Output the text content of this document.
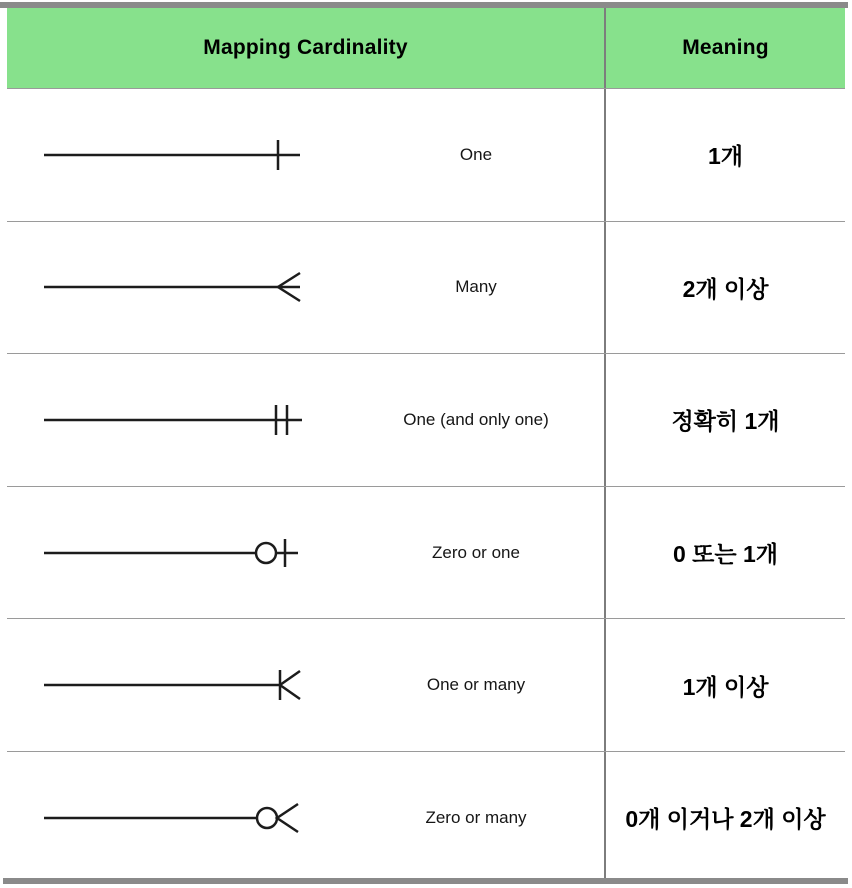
Mapping Cardinality	Meaning
One	1개
Many	2개 이상
One (and only one)	정확히 1개
Zero or one	0 또는 1개
One or many	1개 이상
Zero or many	0개 이거나 2개 이상
